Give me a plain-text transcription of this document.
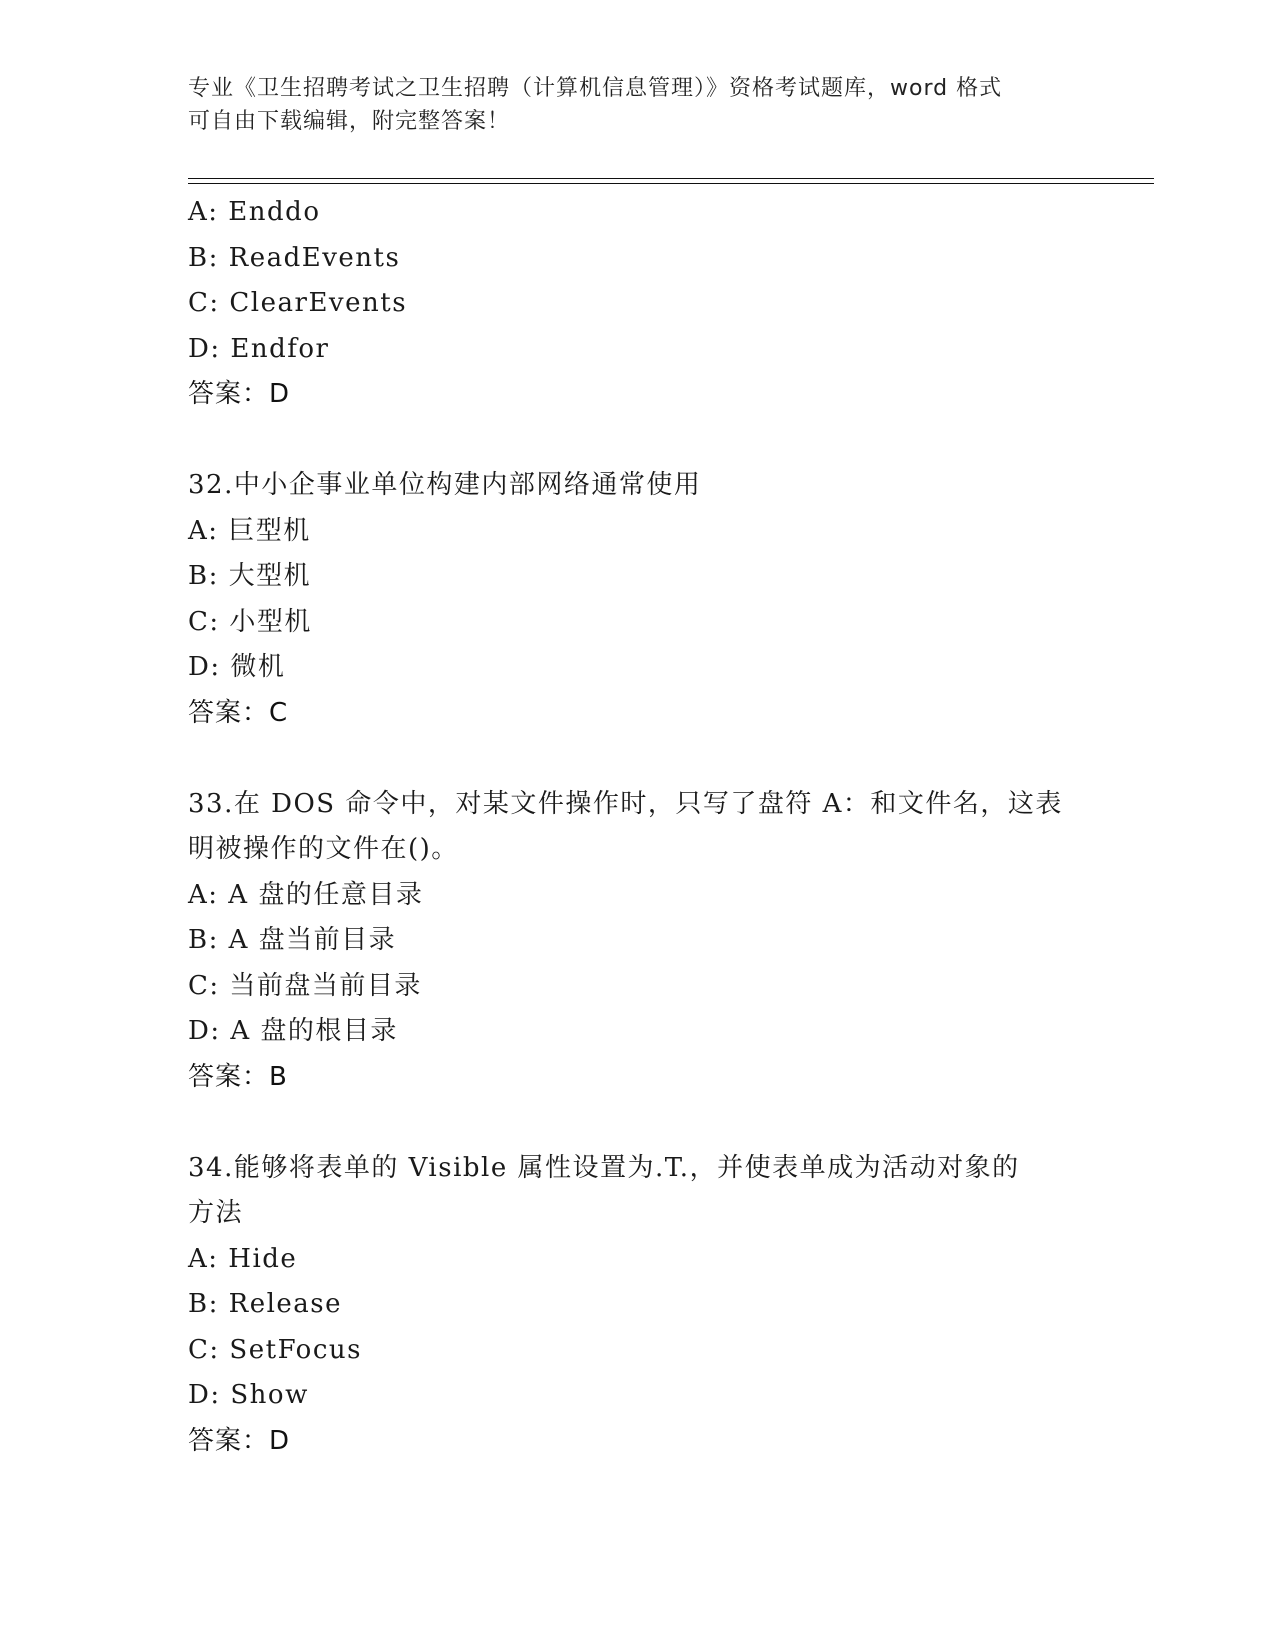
专业《卫生招聘考试之卫生招聘（计算机信息管理）》资格考试题库，word 格式
可自由下载编辑，附完整答案！
A: Enddo
B: ReadEvents
C: ClearEvents
D: Endfor
答案：D
32.中小企事业单位构建内部网络通常使用
A: 巨型机
B: 大型机
C: 小型机
D: 微机
答案：C
33.在 DOS 命令中，对某文件操作时，只写了盘符 A：和文件名，这表
明被操作的文件在()。
A: A 盘的任意目录
B: A 盘当前目录
C: 当前盘当前目录
D: A 盘的根目录
答案：B
34.能够将表单的 Visible 属性设置为.T.，并使表单成为活动对象的
方法
A: Hide
B: Release
C: SetFocus
D: Show
答案：D
